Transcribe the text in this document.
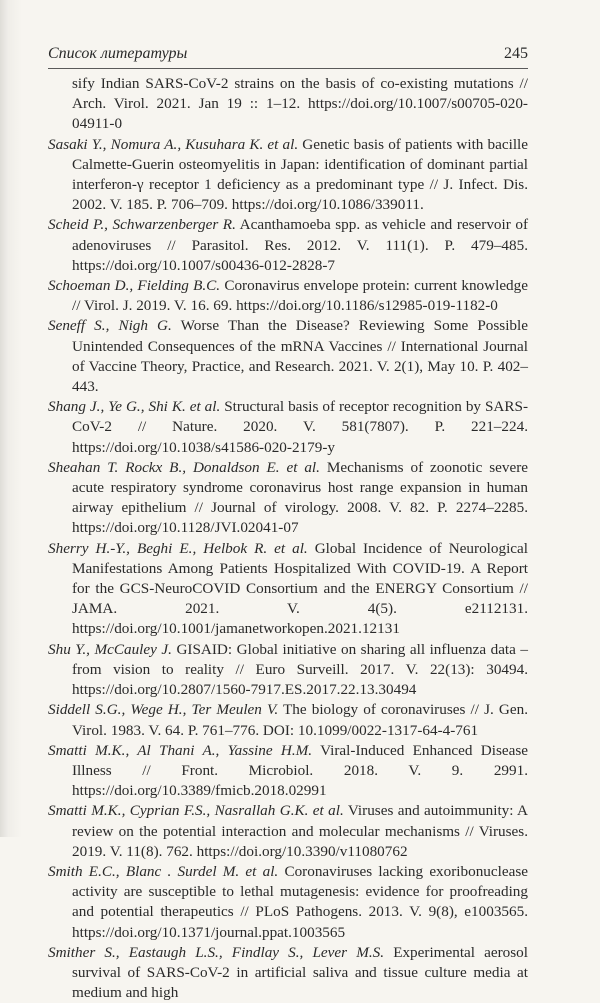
Список литературы	245

sify Indian SARS-CoV-2 strains on the basis of co-existing mutations // Arch. Virol. 2021. Jan 19 :: 1–12. https://doi.org/10.1007/s00705-020-04911-0

Sasaki Y., Nomura A., Kusuhara K. et al. Genetic basis of patients with bacille Calmette-Guerin osteomyelitis in Japan: identification of dominant partial interferon-γ receptor 1 deficiency as a predominant type // J. Infect. Dis. 2002. V. 185. P. 706–709. https://doi.org/10.1086/339011.

Scheid P., Schwarzenberger R. Acanthamoeba spp. as vehicle and reservoir of adenoviruses // Parasitol. Res. 2012. V. 111(1). P. 479–485. https://doi.org/10.1007/s00436-012-2828-7

Schoeman D., Fielding B.C. Coronavirus envelope protein: current knowledge // Virol. J. 2019. V. 16. 69. https://doi.org/10.1186/s12985-019-1182-0

Seneff S., Nigh G. Worse Than the Disease? Reviewing Some Possible Unintended Consequences of the mRNA Vaccines // International Journal of Vaccine Theory, Practice, and Research. 2021. V. 2(1), May 10. P. 402–443.

Shang J., Ye G., Shi K. et al. Structural basis of receptor recognition by SARS-CoV-2 // Nature. 2020. V. 581(7807). P. 221–224. https://doi.org/10.1038/s41586-020-2179-y

Sheahan T. Rockx B., Donaldson E. et al. Mechanisms of zoonotic severe acute respiratory syndrome coronavirus host range expansion in human airway epithelium // Journal of virology. 2008. V. 82. P. 2274–2285. https://doi.org/10.1128/JVI.02041-07

Sherry H.-Y., Beghi E., Helbok R. et al. Global Incidence of Neurological Manifestations Among Patients Hospitalized With COVID-19. A Report for the GCS-NeuroCOVID Consortium and the ENERGY Consortium // JAMA. 2021. V. 4(5). e2112131. https://doi.org/10.1001/jamanetworkopen.2021.12131

Shu Y., McCauley J. GISAID: Global initiative on sharing all influenza data – from vision to reality // Euro Surveill. 2017. V. 22(13): 30494. https://doi.org/10.2807/1560-7917.ES.2017.22.13.30494

Siddell S.G., Wege H., Ter Meulen V. The biology of coronaviruses // J. Gen. Virol. 1983. V. 64. P. 761–776. DOI: 10.1099/0022-1317-64-4-761

Smatti M.K., Al Thani A., Yassine H.M. Viral-Induced Enhanced Disease Illness // Front. Microbiol. 2018. V. 9. 2991. https://doi.org/10.3389/fmicb.2018.02991

Smatti M.K., Cyprian F.S., Nasrallah G.K. et al. Viruses and autoimmunity: A review on the potential interaction and molecular mechanisms // Viruses. 2019. V. 11(8). 762. https://doi.org/10.3390/v11080762

Smith E.C., Blanc . Surdel M. et al. Coronaviruses lacking exoribonuclease activity are susceptible to lethal mutagenesis: evidence for proofreading and potential therapeutics // PLoS Pathogens. 2013. V. 9(8), e1003565. https://doi.org/10.1371/journal.ppat.1003565

Smither S., Eastaugh L.S., Findlay S., Lever M.S. Experimental aerosol survival of SARS-CoV-2 in artificial saliva and tissue culture media at medium and high
